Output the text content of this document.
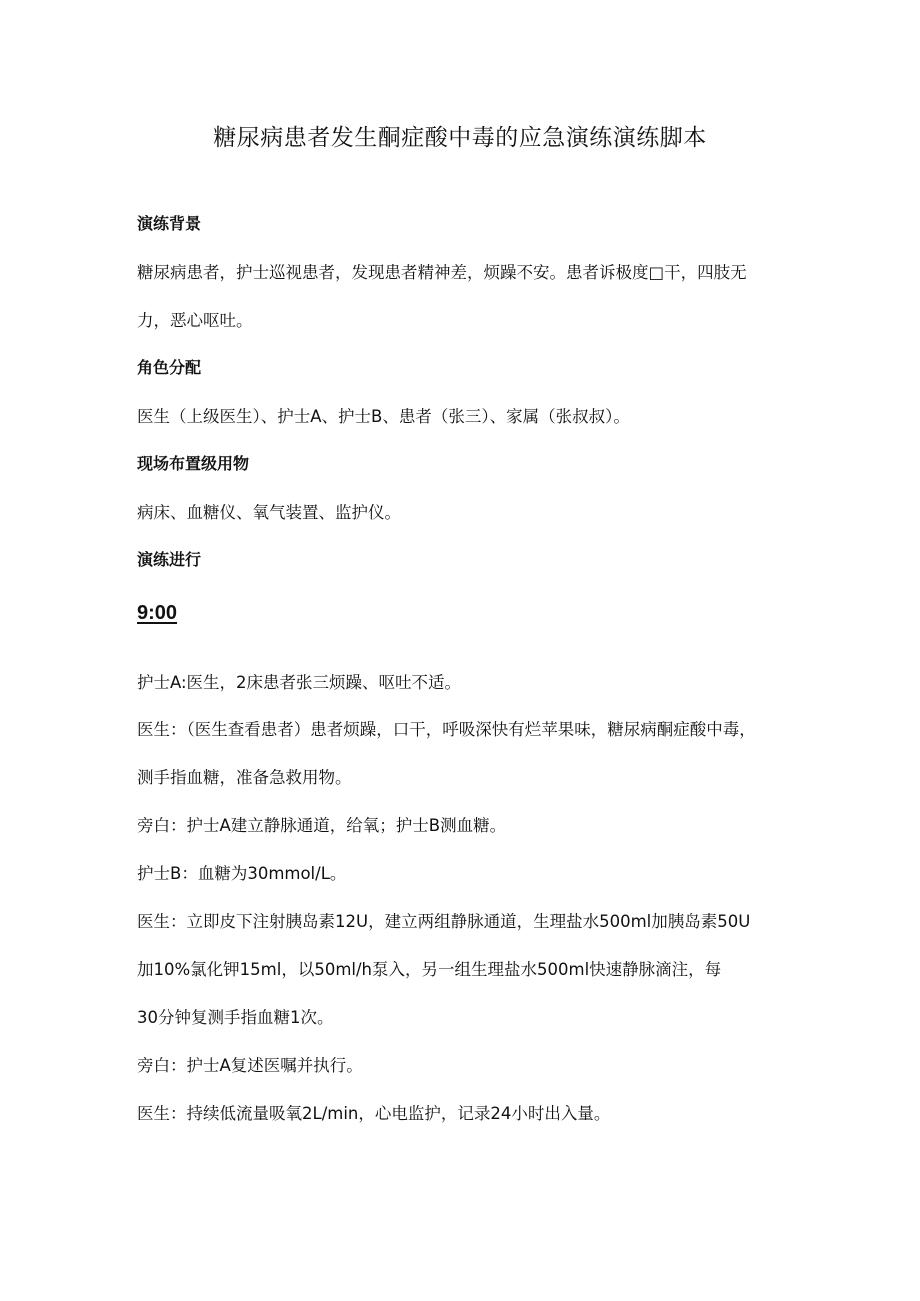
糖尿病患者发生酮症酸中毒的应急演练演练脚本
演练背景
糖尿病患者，护士巡视患者，发现患者精神差，烦躁不安。患者诉极度□干，四肢无
力，恶心呕吐。
角色分配
医生（上级医生）、护士A、护士B、患者（张三）、家属（张叔叔）。
现场布置级用物
病床、血糖仪、氧气装置、监护仪。
演练进行
9:00
护士A:医生，2床患者张三烦躁、呕吐不适。
医生：（医生查看患者）患者烦躁，口干，呼吸深快有烂苹果味，糖尿病酮症酸中毒，
测手指血糖，准备急救用物。
旁白：护士A建立静脉通道，给氧；护士B测血糖。
护士B：血糖为30mmol/L。
医生：立即皮下注射胰岛素12U，建立两组静脉通道，生理盐水500ml加胰岛素50U
加10%氯化钾15ml，以50ml/h泵入，另一组生理盐水500ml快速静脉滴注，每
30分钟复测手指血糖1次。
旁白：护士A复述医嘱并执行。
医生：持续低流量吸氧2L/min，心电监护，记录24小时出入量。
